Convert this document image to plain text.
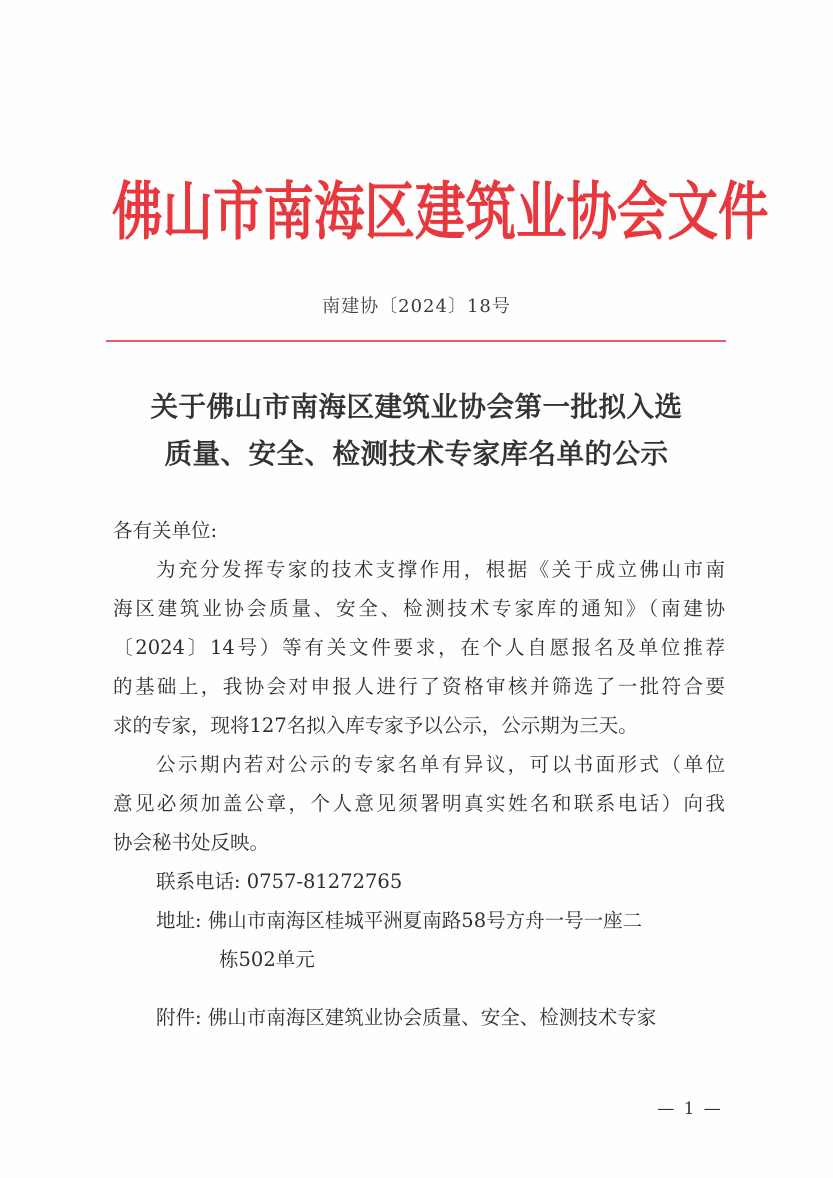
佛山市南海区建筑业协会文件
南建协〔2024〕18号
关于佛山市南海区建筑业协会第一批拟入选
质量、安全、检测技术专家库名单的公示
各有关单位:
为充分发挥专家的技术支撑作用，根据《关于成立佛山市南
海区建筑业协会质量、安全、检测技术专家库的通知》（南建协
〔2024〕14号）等有关文件要求，在个人自愿报名及单位推荐
的基础上，我协会对申报人进行了资格审核并筛选了一批符合要
求的专家，现将127名拟入库专家予以公示，公示期为三天。
公示期内若对公示的专家名单有异议，可以书面形式（单位
意见必须加盖公章，个人意见须署明真实姓名和联系电话）向我
协会秘书处反映。
联系电话: 0757-81272765
地址: 佛山市南海区桂城平洲夏南路58号方舟一号一座二
栋502单元
附件: 佛山市南海区建筑业协会质量、安全、检测技术专家
— 1 —
